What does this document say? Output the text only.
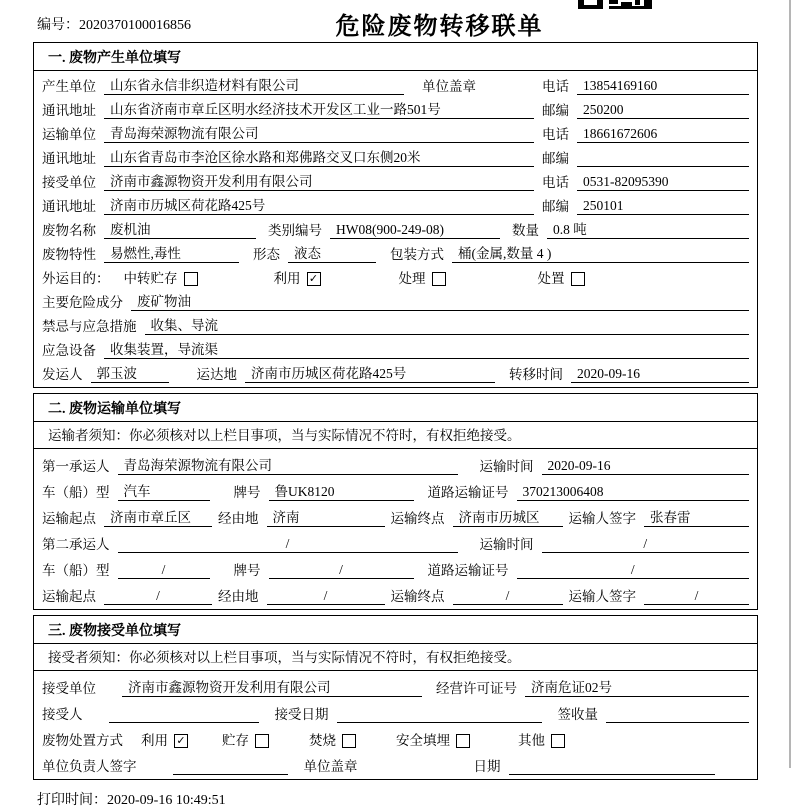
编号：2020370100016856	危险废物转移联单
一. 废物产生单位填写
产生单位	山东省永信非织造材料有限公司	单位盖章	电话	13854169160
通讯地址	山东省济南市章丘区明水经济技术开发区工业一路501号	邮编	250200
运输单位	青岛海荣源物流有限公司	电话	18661672606
通讯地址	山东省青岛市李沧区徐水路和郑佛路交叉口东侧20米	邮编
接受单位	济南市鑫源物资开发利用有限公司	电话	0531-82095390
通讯地址	济南市历城区荷花路425号	邮编	250101
废物名称	废机油	类别编号	HW08(900-249-08)	数量	0.8 吨
废物特性	易燃性,毒性	形态	液态	包装方式	桶(金属,数量 4 )
外运目的： 中转贮存	利用 ✓	处理	处置
主要危险成分	废矿物油
禁忌与应急措施	收集、导流
应急设备	收集装置，导流渠
发运人	郭玉波	运达地	济南市历城区荷花路425号	转移时间	2020-09-16
二. 废物运输单位填写
运输者须知：你必须核对以上栏目事项，当与实际情况不符时，有权拒绝接受。
第一承运人	青岛海荣源物流有限公司	运输时间	2020-09-16
车（船）型	汽车	牌号	鲁UK8120	道路运输证号	370213006408
运输起点	济南市章丘区	经由地	济南	运输终点	济南市历城区	运输人签字	张春雷
第二承运人	/	运输时间	/
车（船）型	/	牌号	/	道路运输证号	/
运输起点	/	经由地	/	运输终点	/	运输人签字	/
三. 废物接受单位填写
接受者须知：你必须核对以上栏目事项，当与实际情况不符时，有权拒绝接受。
接受单位	济南市鑫源物资开发利用有限公司	经营许可证号	济南危证02号
接受人	接受日期	签收量
废物处置方式 利用 ✓	贮存	焚烧	安全填埋	其他
单位负责人签字	单位盖章	日期
打印时间：2020-09-16 10:49:51
